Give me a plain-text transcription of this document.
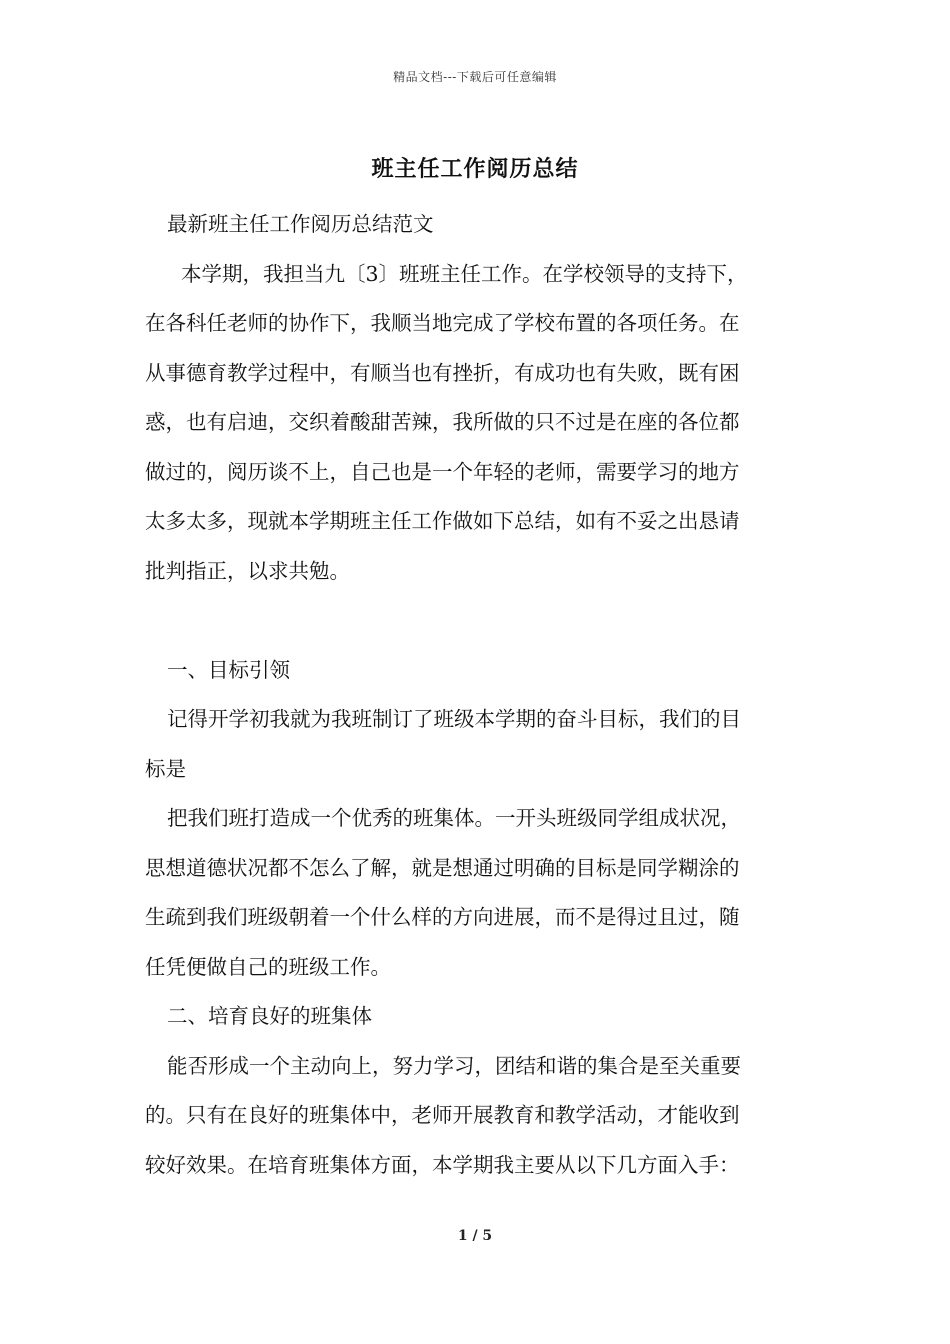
精品文档---下载后可任意编辑
班主任工作阅历总结
最新班主任工作阅历总结范文
本学期，我担当九〔3〕班班主任工作。在学校领导的支持下，
在各科任老师的协作下，我顺当地完成了学校布置的各项任务。在
从事德育教学过程中，有顺当也有挫折，有成功也有失败，既有困
惑，也有启迪，交织着酸甜苦辣，我所做的只不过是在座的各位都
做过的，阅历谈不上，自己也是一个年轻的老师，需要学习的地方
太多太多，现就本学期班主任工作做如下总结，如有不妥之出恳请
批判指正，以求共勉。
一、目标引领
记得开学初我就为我班制订了班级本学期的奋斗目标，我们的目
标是
把我们班打造成一个优秀的班集体。一开头班级同学组成状况，
思想道德状况都不怎么了解，就是想通过明确的目标是同学糊涂的
生疏到我们班级朝着一个什么样的方向进展，而不是得过且过，随
任凭便做自己的班级工作。
二、培育良好的班集体
能否形成一个主动向上，努力学习，团结和谐的集合是至关重要
的。只有在良好的班集体中，老师开展教育和教学活动，才能收到
较好效果。在培育班集体方面，本学期我主要从以下几方面入手：
1 / 5
